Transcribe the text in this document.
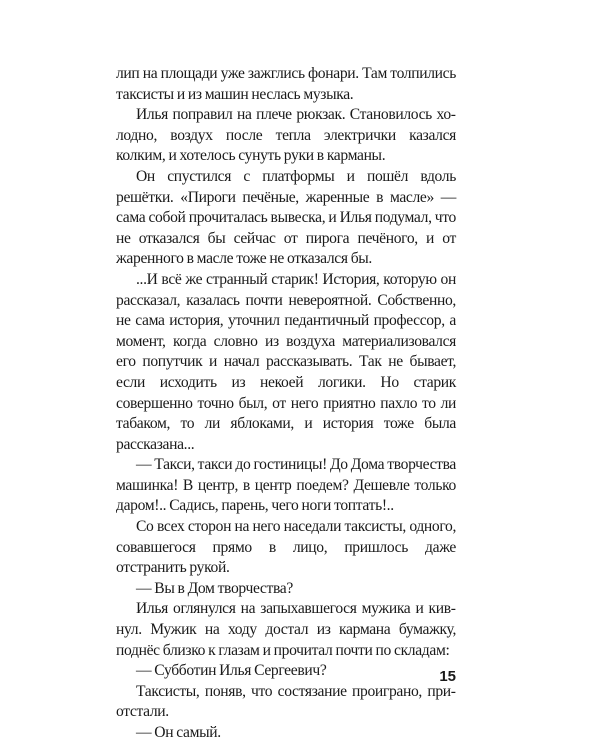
лип на площади уже зажглись фонари. Там толпились таксисты и из машин неслась музыка.

Илья поправил на плече рюкзак. Становилось холодно, воздух после тепла электрички казался колким, и хотелось сунуть руки в карманы.

Он спустился с платформы и пошёл вдоль решётки. «Пироги печёные, жаренные в масле» — сама собой прочиталась вывеска, и Илья подумал, что не отказался бы сейчас от пирога печёного, и от жаренного в масле тоже не отказался бы.

...И всё же странный старик! История, которую он рассказал, казалась почти невероятной. Собственно, не сама история, уточнил педантичный профессор, а момент, когда словно из воздуха материализовался его попутчик и начал рассказывать. Так не бывает, если исходить из некоей логики. Но старик совершенно точно был, от него приятно пахло то ли табаком, то ли яблоками, и история тоже была рассказана...

— Такси, такси до гостиницы! До Дома творчества машинка! В центр, в центр поедем? Дешевле только даром!.. Садись, парень, чего ноги топтать!..

Со всех сторон на него наседали таксисты, одного, совавшегося прямо в лицо, пришлось даже отстранить рукой.

— Вы в Дом творчества?

Илья оглянулся на запыхавшегося мужика и кивнул. Мужик на ходу достал из кармана бумажку, поднёс близко к глазам и прочитал почти по складам:

— Субботин Илья Сергеевич?

Таксисты, поняв, что состязание проиграно, приотстали.

— Он самый.

15
